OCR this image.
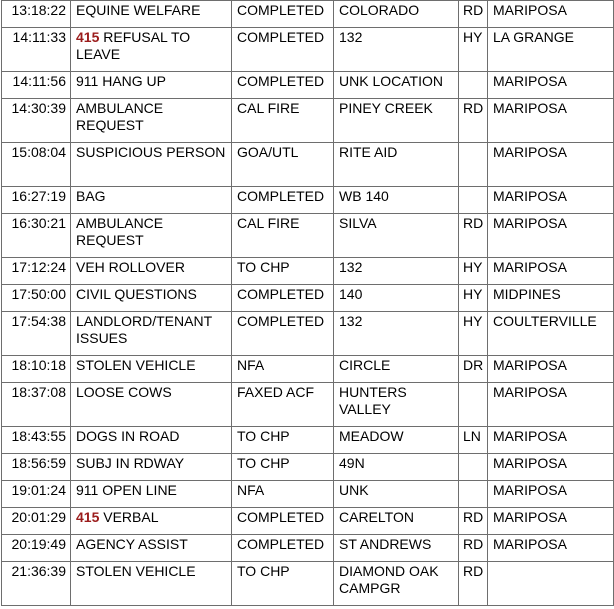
13:18:22	EQUINE WELFARE	COMPLETED	COLORADO	RD	MARIPOSA
14:11:33	415 REFUSAL TO LEAVE	COMPLETED	132	HY	LA GRANGE
14:11:56	911 HANG UP	COMPLETED	UNK LOCATION		MARIPOSA
14:30:39	AMBULANCE REQUEST	CAL FIRE	PINEY CREEK	RD	MARIPOSA
15:08:04	SUSPICIOUS PERSON	GOA/UTL	RITE AID		MARIPOSA
16:27:19	BAG	COMPLETED	WB 140		MARIPOSA
16:30:21	AMBULANCE REQUEST	CAL FIRE	SILVA	RD	MARIPOSA
17:12:24	VEH ROLLOVER	TO CHP	132	HY	MARIPOSA
17:50:00	CIVIL QUESTIONS	COMPLETED	140	HY	MIDPINES
17:54:38	LANDLORD/TENANT ISSUES	COMPLETED	132	HY	COULTERVILLE
18:10:18	STOLEN VEHICLE	NFA	CIRCLE	DR	MARIPOSA
18:37:08	LOOSE COWS	FAXED ACF	HUNTERS VALLEY		MARIPOSA
18:43:55	DOGS IN ROAD	TO CHP	MEADOW	LN	MARIPOSA
18:56:59	SUBJ IN RDWAY	TO CHP	49N		MARIPOSA
19:01:24	911 OPEN LINE	NFA	UNK		MARIPOSA
20:01:29	415 VERBAL	COMPLETED	CARELTON	RD	MARIPOSA
20:19:49	AGENCY ASSIST	COMPLETED	ST ANDREWS	RD	MARIPOSA
21:36:39	STOLEN VEHICLE	TO CHP	DIAMOND OAK CAMPGR	RD	
